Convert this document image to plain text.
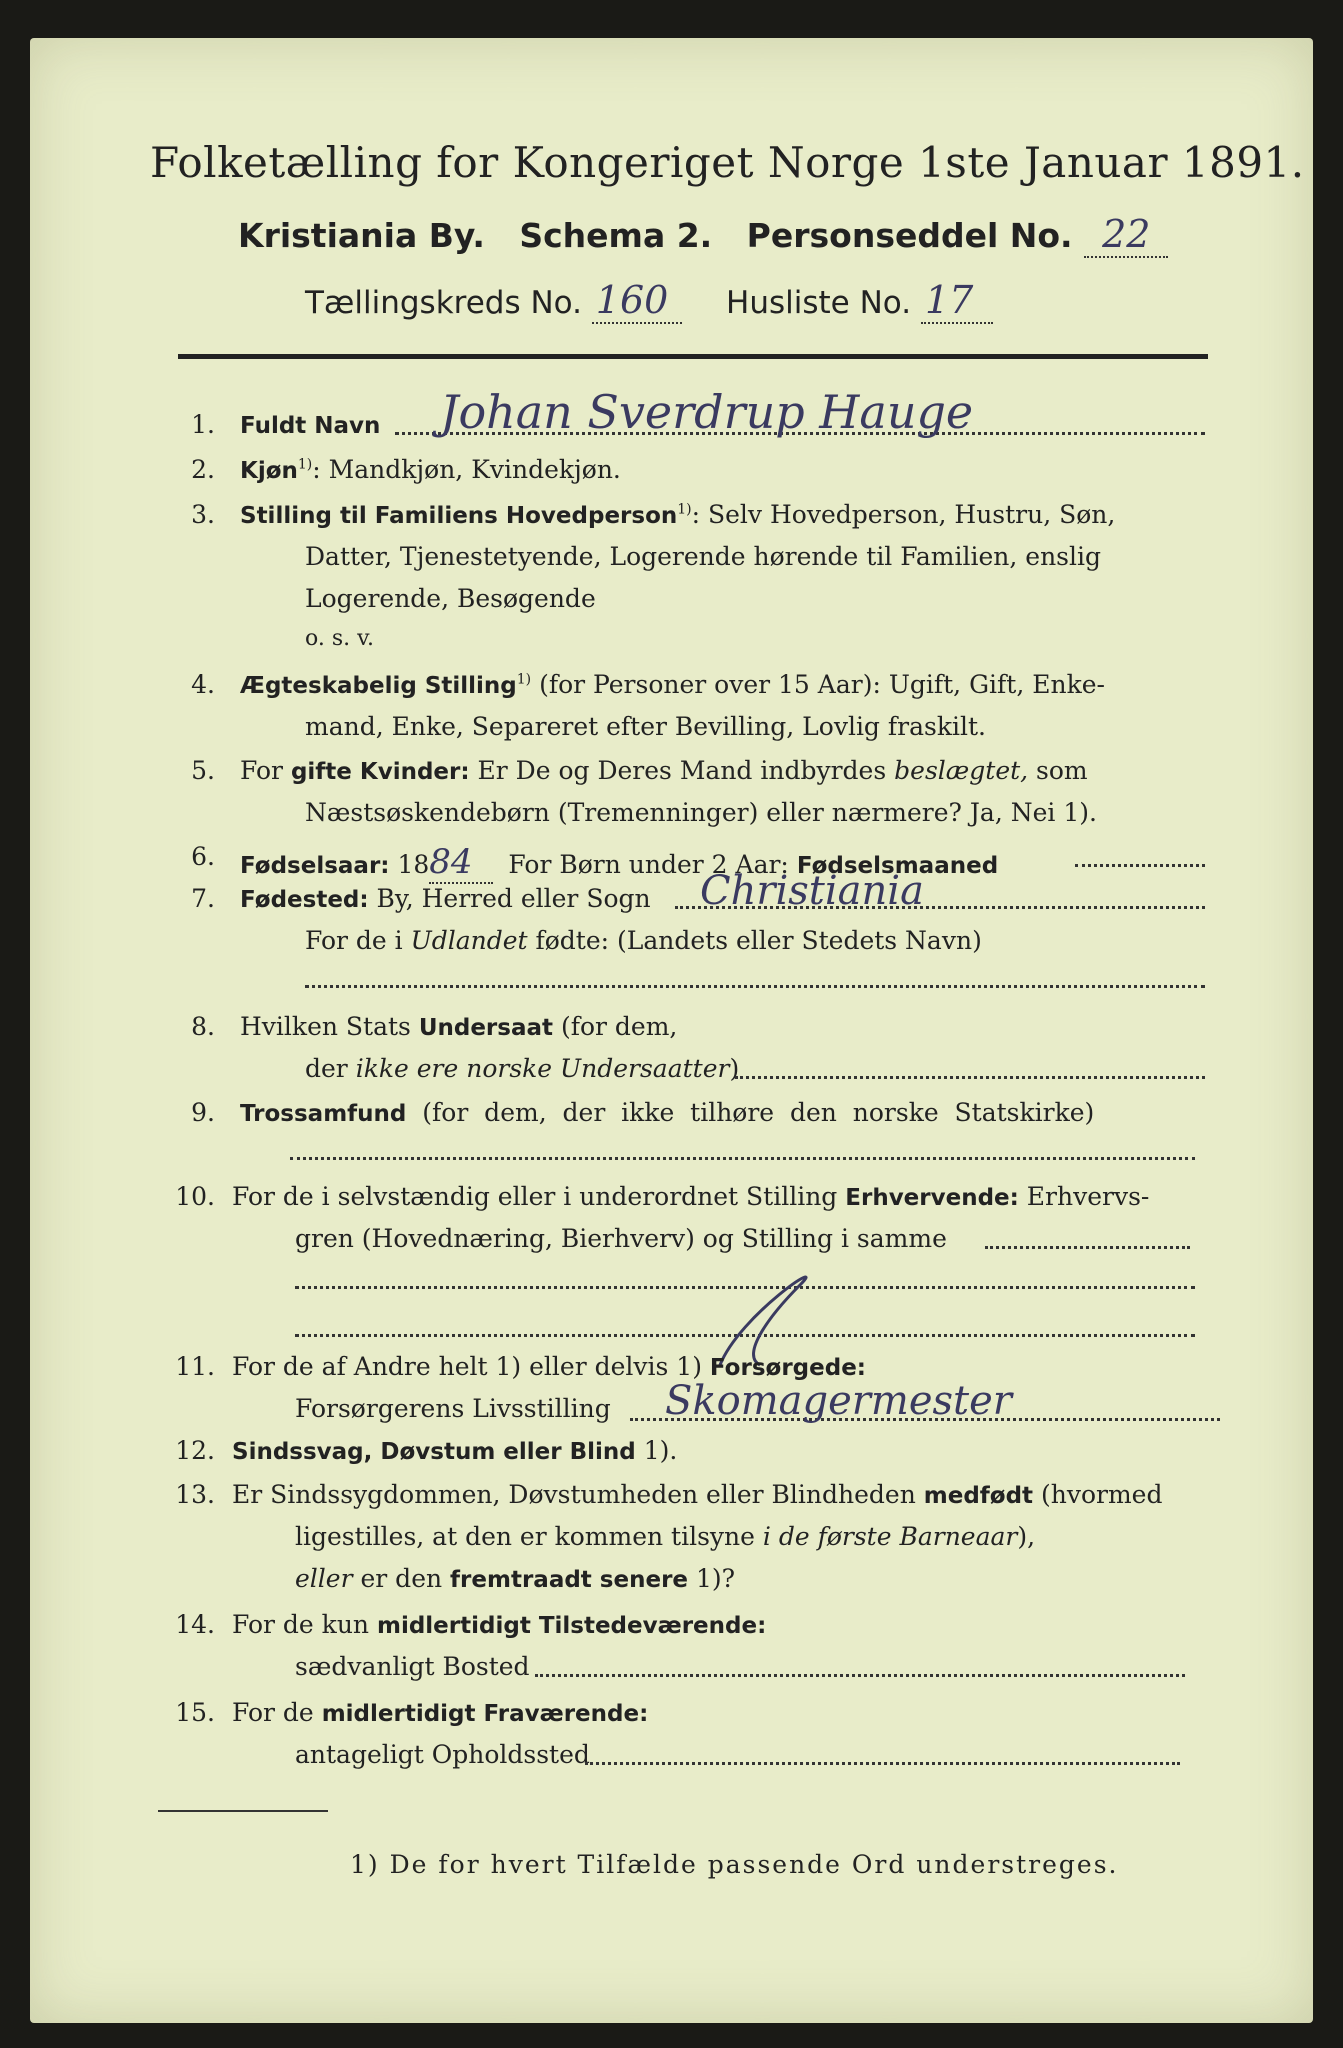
Folketælling for Kongeriget Norge 1ste Januar 1891.
Kristiania By.   Schema 2.   Personseddel No. 22
Tællingskreds No. 160 Husliste No. 17
1. Fuldt Navn Johan Sverdrup Hauge
2. Kjøn$^{1)}$: Mandkjøn, Kvindekjøn.
3. Stilling til Familiens Hovedperson$^{1)}$: Selv Hovedperson, Hustru, Søn,
Datter, Tjenestetyende, Logerende hørende til Familien, enslig
Logerende, Besøgende
o. s. v.
4. Ægteskabelig Stilling$^{1)}$ (for Personer over 15 Aar): Ugift, Gift, Enke-
mand, Enke, Separeret efter Bevilling, Lovlig fraskilt.
5. For gifte Kvinder: Er De og Deres Mand indbyrdes beslægtet, som
Næstsøskendebørn (Tremenninger) eller nærmere? Ja, Nei 1).
6. Fødselsaar: 1884  For Børn under 2 Aar: Fødselsmaaned
7. Fødested: By, Herred eller Sogn Christiania
For de i Udlandet fødte: (Landets eller Stedets Navn)
8. Hvilken Stats Undersaat (for dem,
der ikke ere norske Undersaatter)
9. Trossamfund  (for  dem,  der  ikke  tilhøre  den  norske  Statskirke)
10. For de i selvstændig eller i underordnet Stilling Erhvervende: Erhvervs-
gren (Hovednæring, Bierhverv) og Stilling i samme
11. For de af Andre helt 1) eller delvis 1) Forsørgede:
Forsørgerens Livsstilling Skomagermester
12. Sindssvag, Døvstum eller Blind 1).
13. Er Sindssygdommen, Døvstumheden eller Blindheden medfødt (hvormed
ligestilles, at den er kommen tilsyne i de første Barneaar),
eller er den fremtraadt senere 1)?
14. For de kun midlertidigt Tilstedeværende:
sædvanligt Bosted
15. For de midlertidigt Fraværende:
antageligt Opholdssted
1) De for hvert Tilfælde passende Ord understreges.
